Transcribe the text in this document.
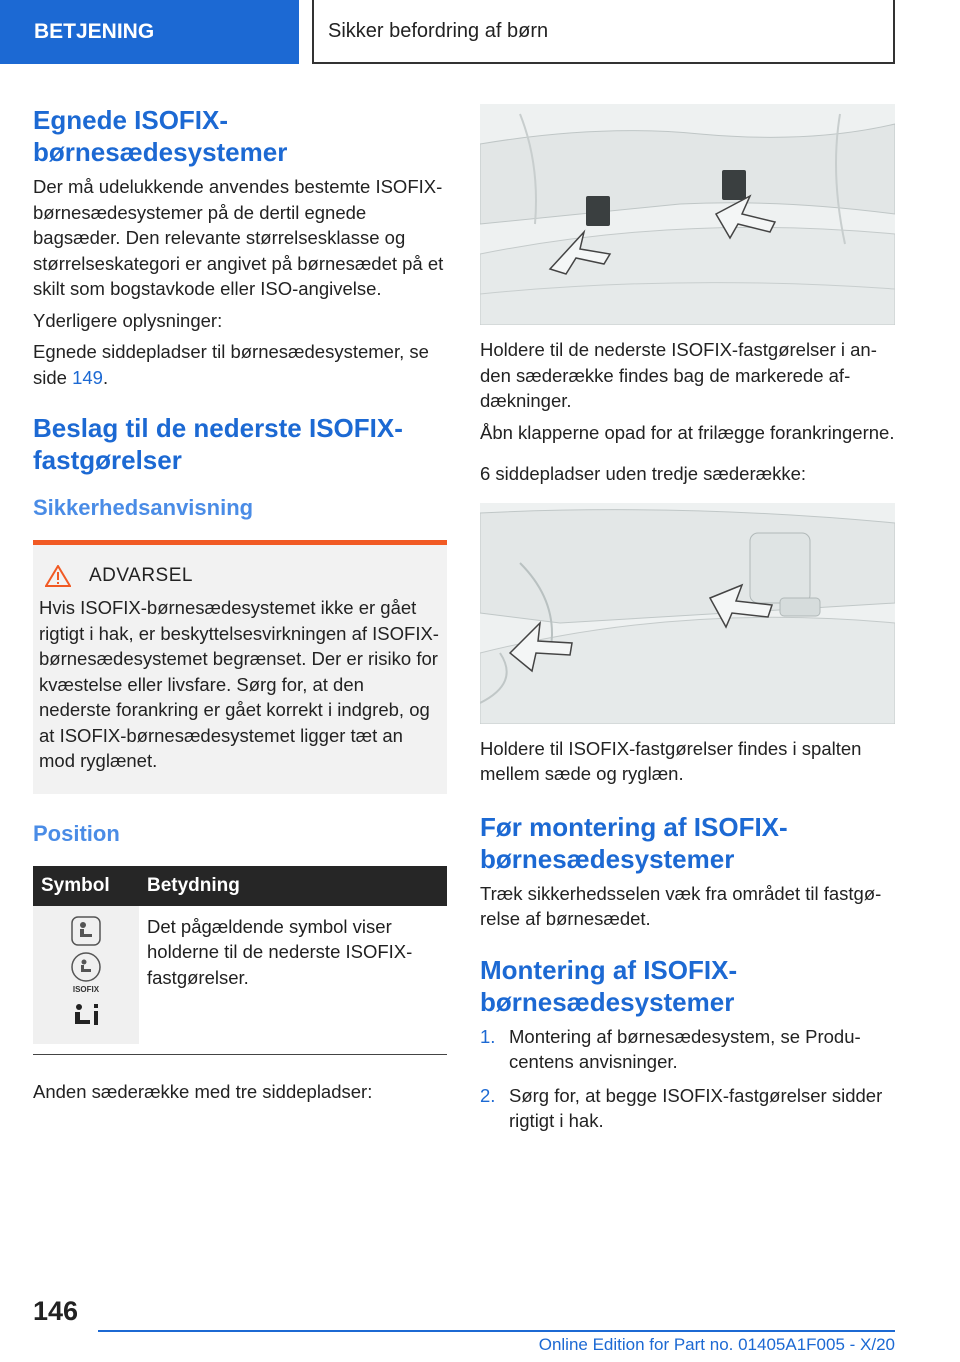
BETJENING	Sikker befordring af børn
Egnede ISOFIX-børnesædesystemer

Der må udelukkende anvendes bestemte ISOFIX-børnesædesystemer på de dertil egnede bagsæder. Den relevante størrelsesklasse og størrelseskategori er angivet på børnesædet på et skilt som bogstavkode eller ISO-angivelse.

Yderligere oplysninger:

Egnede siddepladser til børnesædesystemer, se side 149.

Beslag til de nederste ISOFIX-fastgørelser
Sikkerhedsanvisning
ADVARSEL

Hvis ISOFIX-børnesædesystemet ikke er gået rigtigt i hak, er beskyttelsesvirkningen af ISOFIX-børnesædesystemet begrænset. Der er risiko for kvæstelse eller livsfare. Sørg for, at den nederste forankring er gået korrekt i indgreb, og at ISOFIX-børnesædesystemet ligger tæt an mod ryglænet.

Position
Symbol	Betydning

ISOFIX	Det pågældende symbol viser holderne til de nederste ISOFIX-fastgørelser.

Anden sæderække med tre siddepladser:

Holdere til de nederste ISOFIX-fastgørelser i anden sæderække findes bag de markerede afdækninger.

Åbn klapperne opad for at frilægge forankringerne.

6 siddepladser uden tredje sæderække:

Holdere til ISOFIX-fastgørelser findes i spalten mellem sæde og ryglæn.

Før montering af ISOFIX-børnesædesystemer

Træk sikkerhedsselen væk fra området til fastgørelse af børnesædet.

Montering af ISOFIX-børnesædesystemer
1. Montering af børnesædesystem, se Producentens anvisninger.
2. Sørg for, at begge ISOFIX-fastgørelser sidder rigtigt i hak.
146
Online Edition for Part no. 01405A1F005 - X/20
